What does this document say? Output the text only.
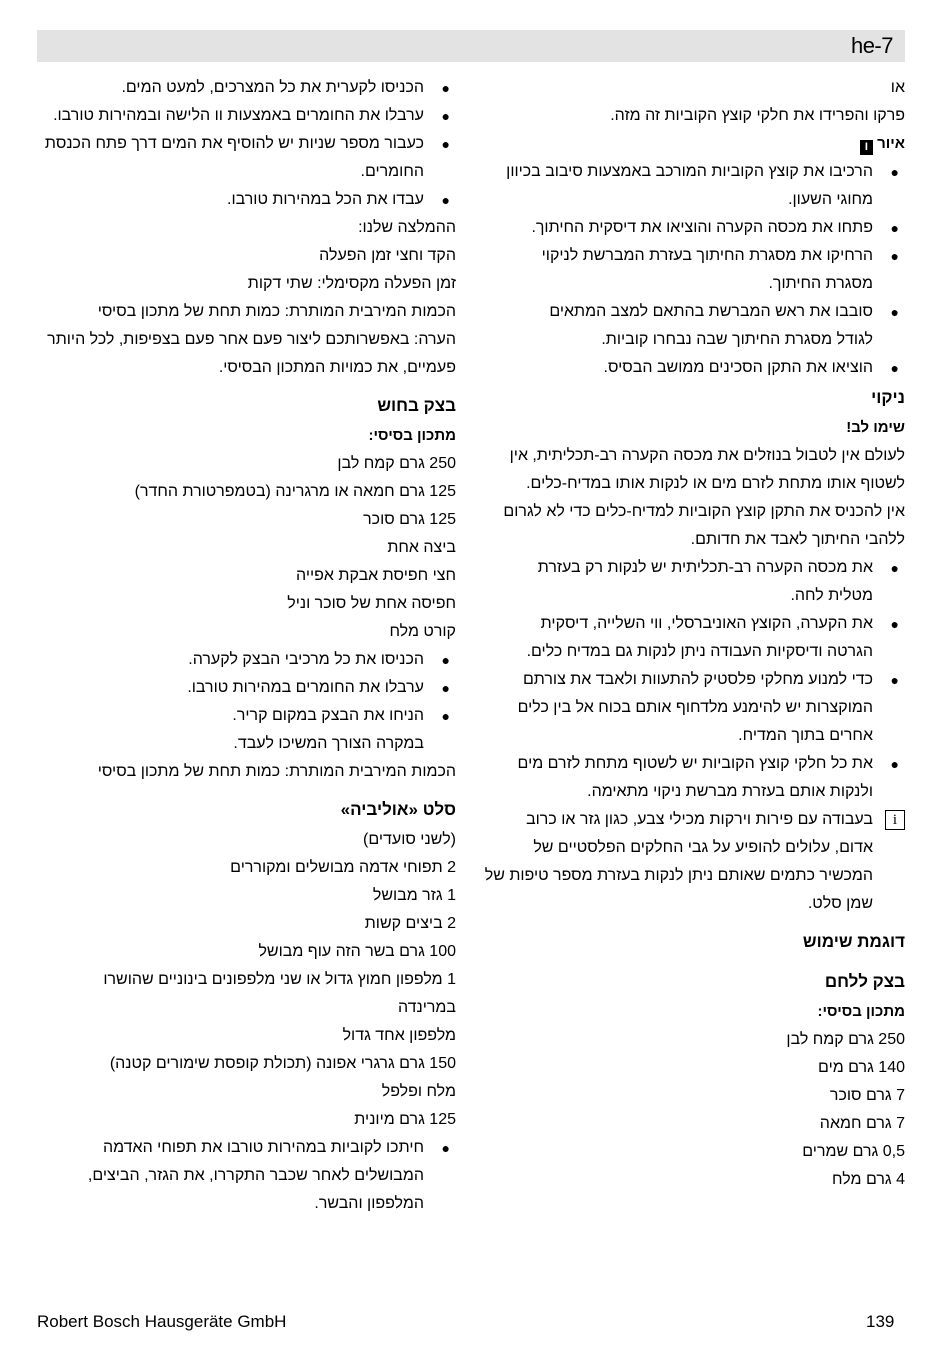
he-7
או
פרקו והפרידו את חלקי קוצץ הקוביות זה מזה.
איור I
●
הרכיבו את קוצץ הקוביות המורכב באמצעות סיבוב בכיוון
מחוגי השעון.
●
פתחו את מכסה הקערה והוציאו את דיסקית החיתוך.
●
הרחיקו את מסגרת החיתוך בעזרת המברשת לניקוי
מסגרת החיתוך.
●
סובבו את ראש המברשת בהתאם למצב המתאים
לגודל מסגרת החיתוך שבה נבחרו קוביות.
●
הוציאו את התקן הסכינים ממושב הבסיס.
ניקוי
שימו לב!
לעולם אין לטבול בנוזלים את מכסה הקערה רב-תכליתית, אין
לשטוף אותו מתחת לזרם מים או לנקות אותו במדיח-כלים.
אין להכניס את התקן קוצץ הקוביות למדיח-כלים כדי לא לגרום
ללהבי החיתוך לאבד את חדותם.
●
את מכסה הקערה רב-תכליתית יש לנקות רק בעזרת
מטלית לחה.
●
את הקערה, הקוצץ האוניברסלי, ווי השלייה, דיסקית
הגרטה ודיסקיות העבודה ניתן לנקות גם במדיח כלים.
●
כדי למנוע מחלקי פלסטיק להתעוות ולאבד את צורתם
המוקצרות יש להימנע מלדחוף אותם בכוח אל בין כלים
אחרים בתוך המדיח.
●
את כל חלקי קוצץ הקוביות יש לשטוף מתחת לזרם מים
ולנקות אותם בעזרת מברשת ניקוי מתאימה.
i
בעבודה עם פירות וירקות מכילי צבע, כגון גזר או כרוב
אדום, עלולים להופיע על גבי החלקים הפלסטיים של
המכשיר כתמים שאותם ניתן לנקות בעזרת מספר טיפות של
שמן סלט.
דוגמת שימוש
בצק ללחם
מתכון בסיסי:
250 גרם קמח לבן
140 גרם מים
7 גרם סוכר
7 גרם חמאה
0,5 גרם שמרים
4 גרם מלח
●
הכניסו לקערית את כל המצרכים, למעט המים.
●
ערבלו את החומרים באמצעות וו הלישה ובמהירות טורבו.
●
כעבור מספר שניות יש להוסיף את המים דרך פתח הכנסת
החומרים.
●
עבדו את הכל במהירות טורבו.
ההמלצה שלנו:
הקד וחצי זמן הפעלה
זמן הפעלה מקסימלי: שתי דקות
הכמות המירבית המותרת: כמות תחת של מתכון בסיסי
הערה: באפשרותכם ליצור פעם אחר פעם בצפיפות, לכל היותר
פעמיים, את כמויות המתכון הבסיסי.
בצק בחוש
מתכון בסיסי:
250 גרם קמח לבן
125 גרם חמאה או מרגרינה (בטמפרטורת החדר)
125 גרם סוכר
ביצה אחת
חצי חפיסת אבקת אפייה
חפיסה אחת של סוכר וניל
קורט מלח
●
הכניסו את כל מרכיבי הבצק לקערה.
●
ערבלו את החומרים במהירות טורבו.
●
הניחו את הבצק במקום קריר.
במקרה הצורך המשיכו לעבד.
הכמות המירבית המותרת: כמות תחת של מתכון בסיסי
סלט «אוליביה»
(לשני סועדים)
2 תפוחי אדמה מבושלים ומקוררים
1 גזר מבושל
2 ביצים קשות
100 גרם בשר הזה עוף מבושל
1 מלפפון חמוץ גדול או שני מלפפונים בינוניים שהושרו
במרינדה
מלפפון אחד גדול
150 גרם גרגרי אפונה (תכולת קופסת שימורים קטנה)
מלח ופלפל
125 גרם מיונית
●
חיתכו לקוביות במהירות טורבו את תפוחי האדמה
המבושלים לאחר שכבר התקררו, את הגזר, הביצים,
המלפפון והבשר.
Robert Bosch Hausgeräte GmbH	139
